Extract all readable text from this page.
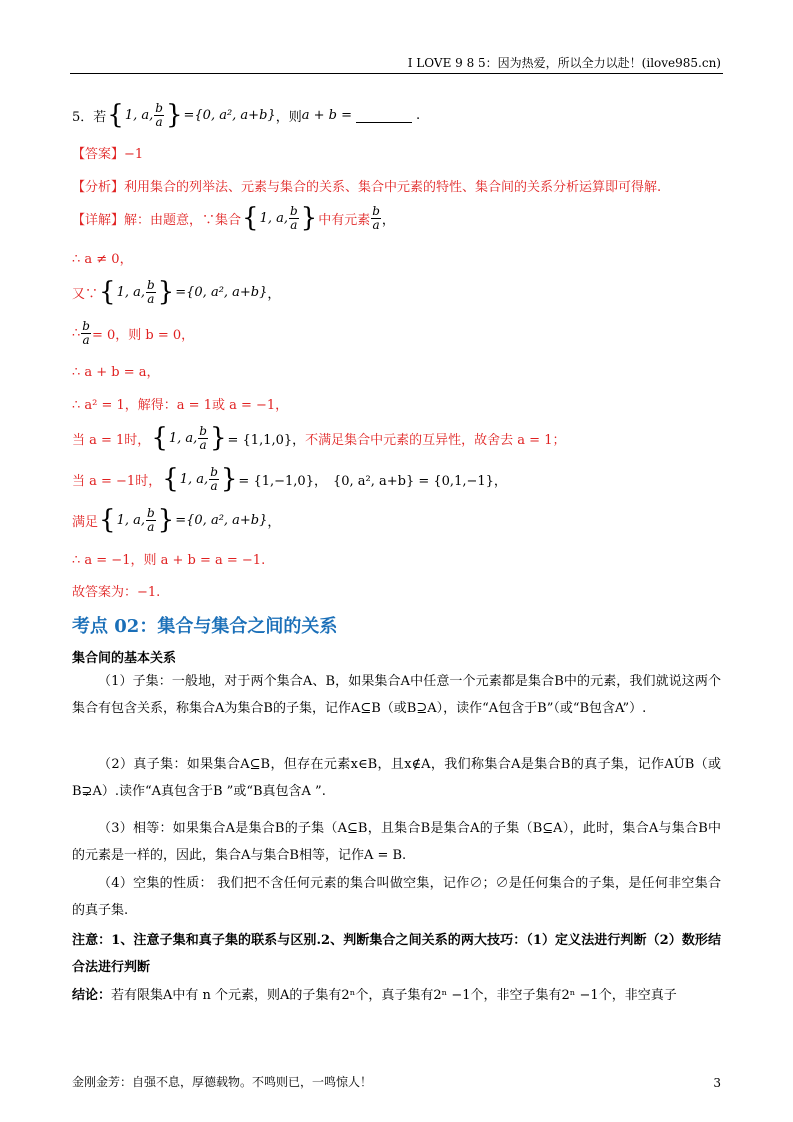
I LOVE 9 8 5：因为热爱，所以全力以赴！(ilove985.cn)
5．若 { 1, a, $\frac{b}{a}$ } = { 0, a², a+b } ，则 a + b =	.
【答案】−1
【分析】利用集合的列举法、元素与集合的关系、集合中元素的特性、集合间的关系分析运算即可得解.
【详解】解：由题意，∵集合 { 1, a, $\frac{b}{a}$ } 中有元素 $\frac{b}{a}$ ，
∴ a ≠ 0，
又∵ { 1, a, $\frac{b}{a}$ } = { 0, a², a+b } ，
∴ $\frac{b}{a} = 0$，则 b = 0，
∴ a + b = a，
∴ a² = 1，解得：a = 1或 a = −1，
当 a = 1时， { 1, a, $\frac{b}{a}$ } = {1,1,0}， 不满足集合中元素的互异性，故舍去 a = 1；
当 a = −1时， { 1, a, $\frac{b}{a}$ } = {1,−1,0}， {0, a², a+b} = {0,1,−1}，
满足 { 1, a, $\frac{b}{a}$ } = { 0, a², a+b } ，
∴ a = −1，则 a + b = a = −1.
故答案为：−1.
考点 02：集合与集合之间的关系
集合间的基本关系
（1）子集：一般地，对于两个集合A、B，如果集合A中任意一个元素都是集合B中的元素，我们就说这两个集合有包含关系，称集合A为集合B的子集，记作A⊆B（或B⊇A），读作“A包含于B”（或“B包含A”）.
（2）真子集：如果集合A⊆B，但存在元素x∈B，且x∉A，我们称集合A是集合B的真子集，记作AÚB（或B⊋A）.读作“A真包含于B ”或“B真包含A ”.
（3）相等：如果集合A是集合B的子集（A⊆B，且集合B是集合A的子集（B⊆A），此时，集合A与集合B中的元素是一样的，因此，集合A与集合B相等，记作A = B.
（4）空集的性质： 我们把不含任何元素的集合叫做空集，记作∅；∅是任何集合的子集，是任何非空集合的真子集.
注意：1、注意子集和真子集的联系与区别.2、判断集合之间关系的两大技巧：（1）定义法进行判断（2）数形结合法进行判断
结论：若有限集A中有 n 个元素，则A的子集有2ⁿ个，真子集有2ⁿ −1个，非空子集有2ⁿ −1个，非空真子
金刚金芳：自强不息，厚德载物。不鸣则已，一鸣惊人！	3
